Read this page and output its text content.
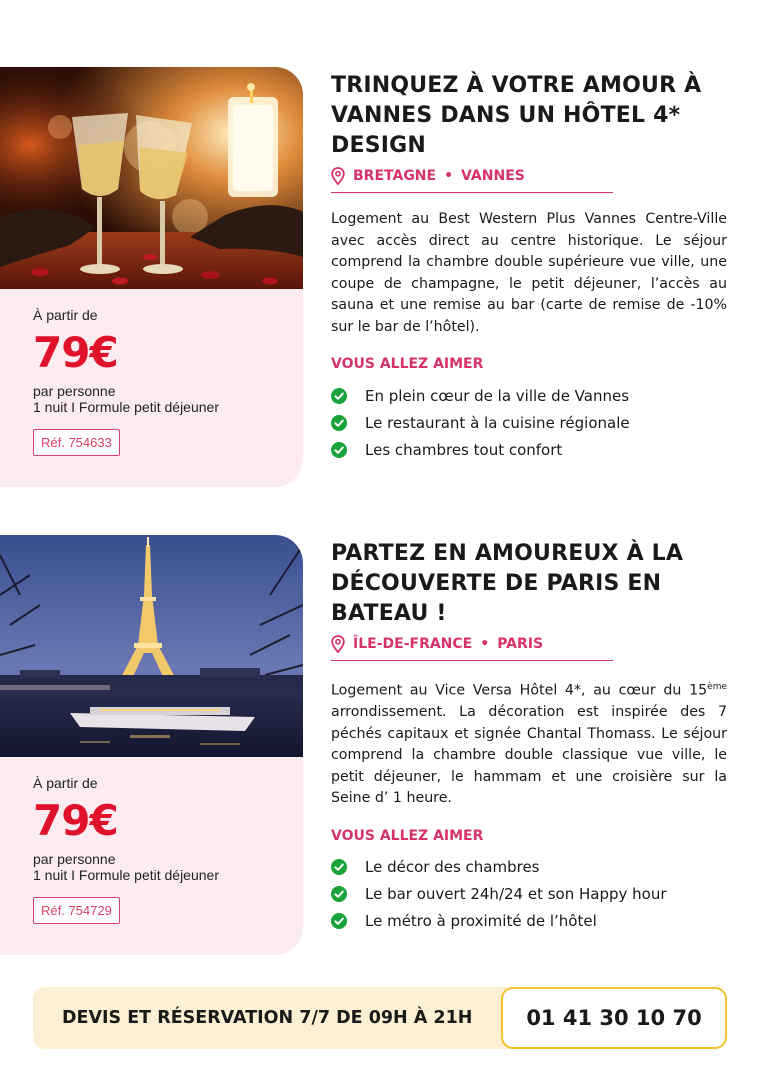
À partir de
79€
par personne
1 nuit I Formule petit déjeuner
Réf. 754633
TRINQUEZ À VOTRE AMOUR À VANNES DANS UN HÔTEL 4* DESIGN
BRETAGNE • VANNES

Logement au Best Western Plus Vannes Centre-Ville avec accès direct au centre historique. Le séjour comprend la chambre double supérieure vue ville, une coupe de champagne, le petit déjeuner, l’accès au sauna et une remise au bar (carte de remise de -10% sur le bar de l’hôtel).

VOUS ALLEZ AIMER
En plein cœur de la ville de Vannes
Le restaurant à la cuisine régionale
Les chambres tout confort
À partir de
79€
par personne
1 nuit I Formule petit déjeuner
Réf. 754729
PARTEZ EN AMOUREUX À LA DÉCOUVERTE DE PARIS EN BATEAU !
ÎLE-DE-FRANCE • PARIS

Logement au Vice Versa Hôtel 4*, au cœur du 15ème arrondissement. La décoration est inspirée des 7 péchés capitaux et signée Chantal Thomass. Le séjour comprend la chambre double classique vue ville, le petit déjeuner, le hammam et une croisière sur la Seine d’ 1 heure.

VOUS ALLEZ AIMER
Le décor des chambres
Le bar ouvert 24h/24 et son Happy hour
Le métro à proximité de l’hôtel
DEVIS ET RÉSERVATION 7/7 DE 09H À 21H	01 41 30 10 70
